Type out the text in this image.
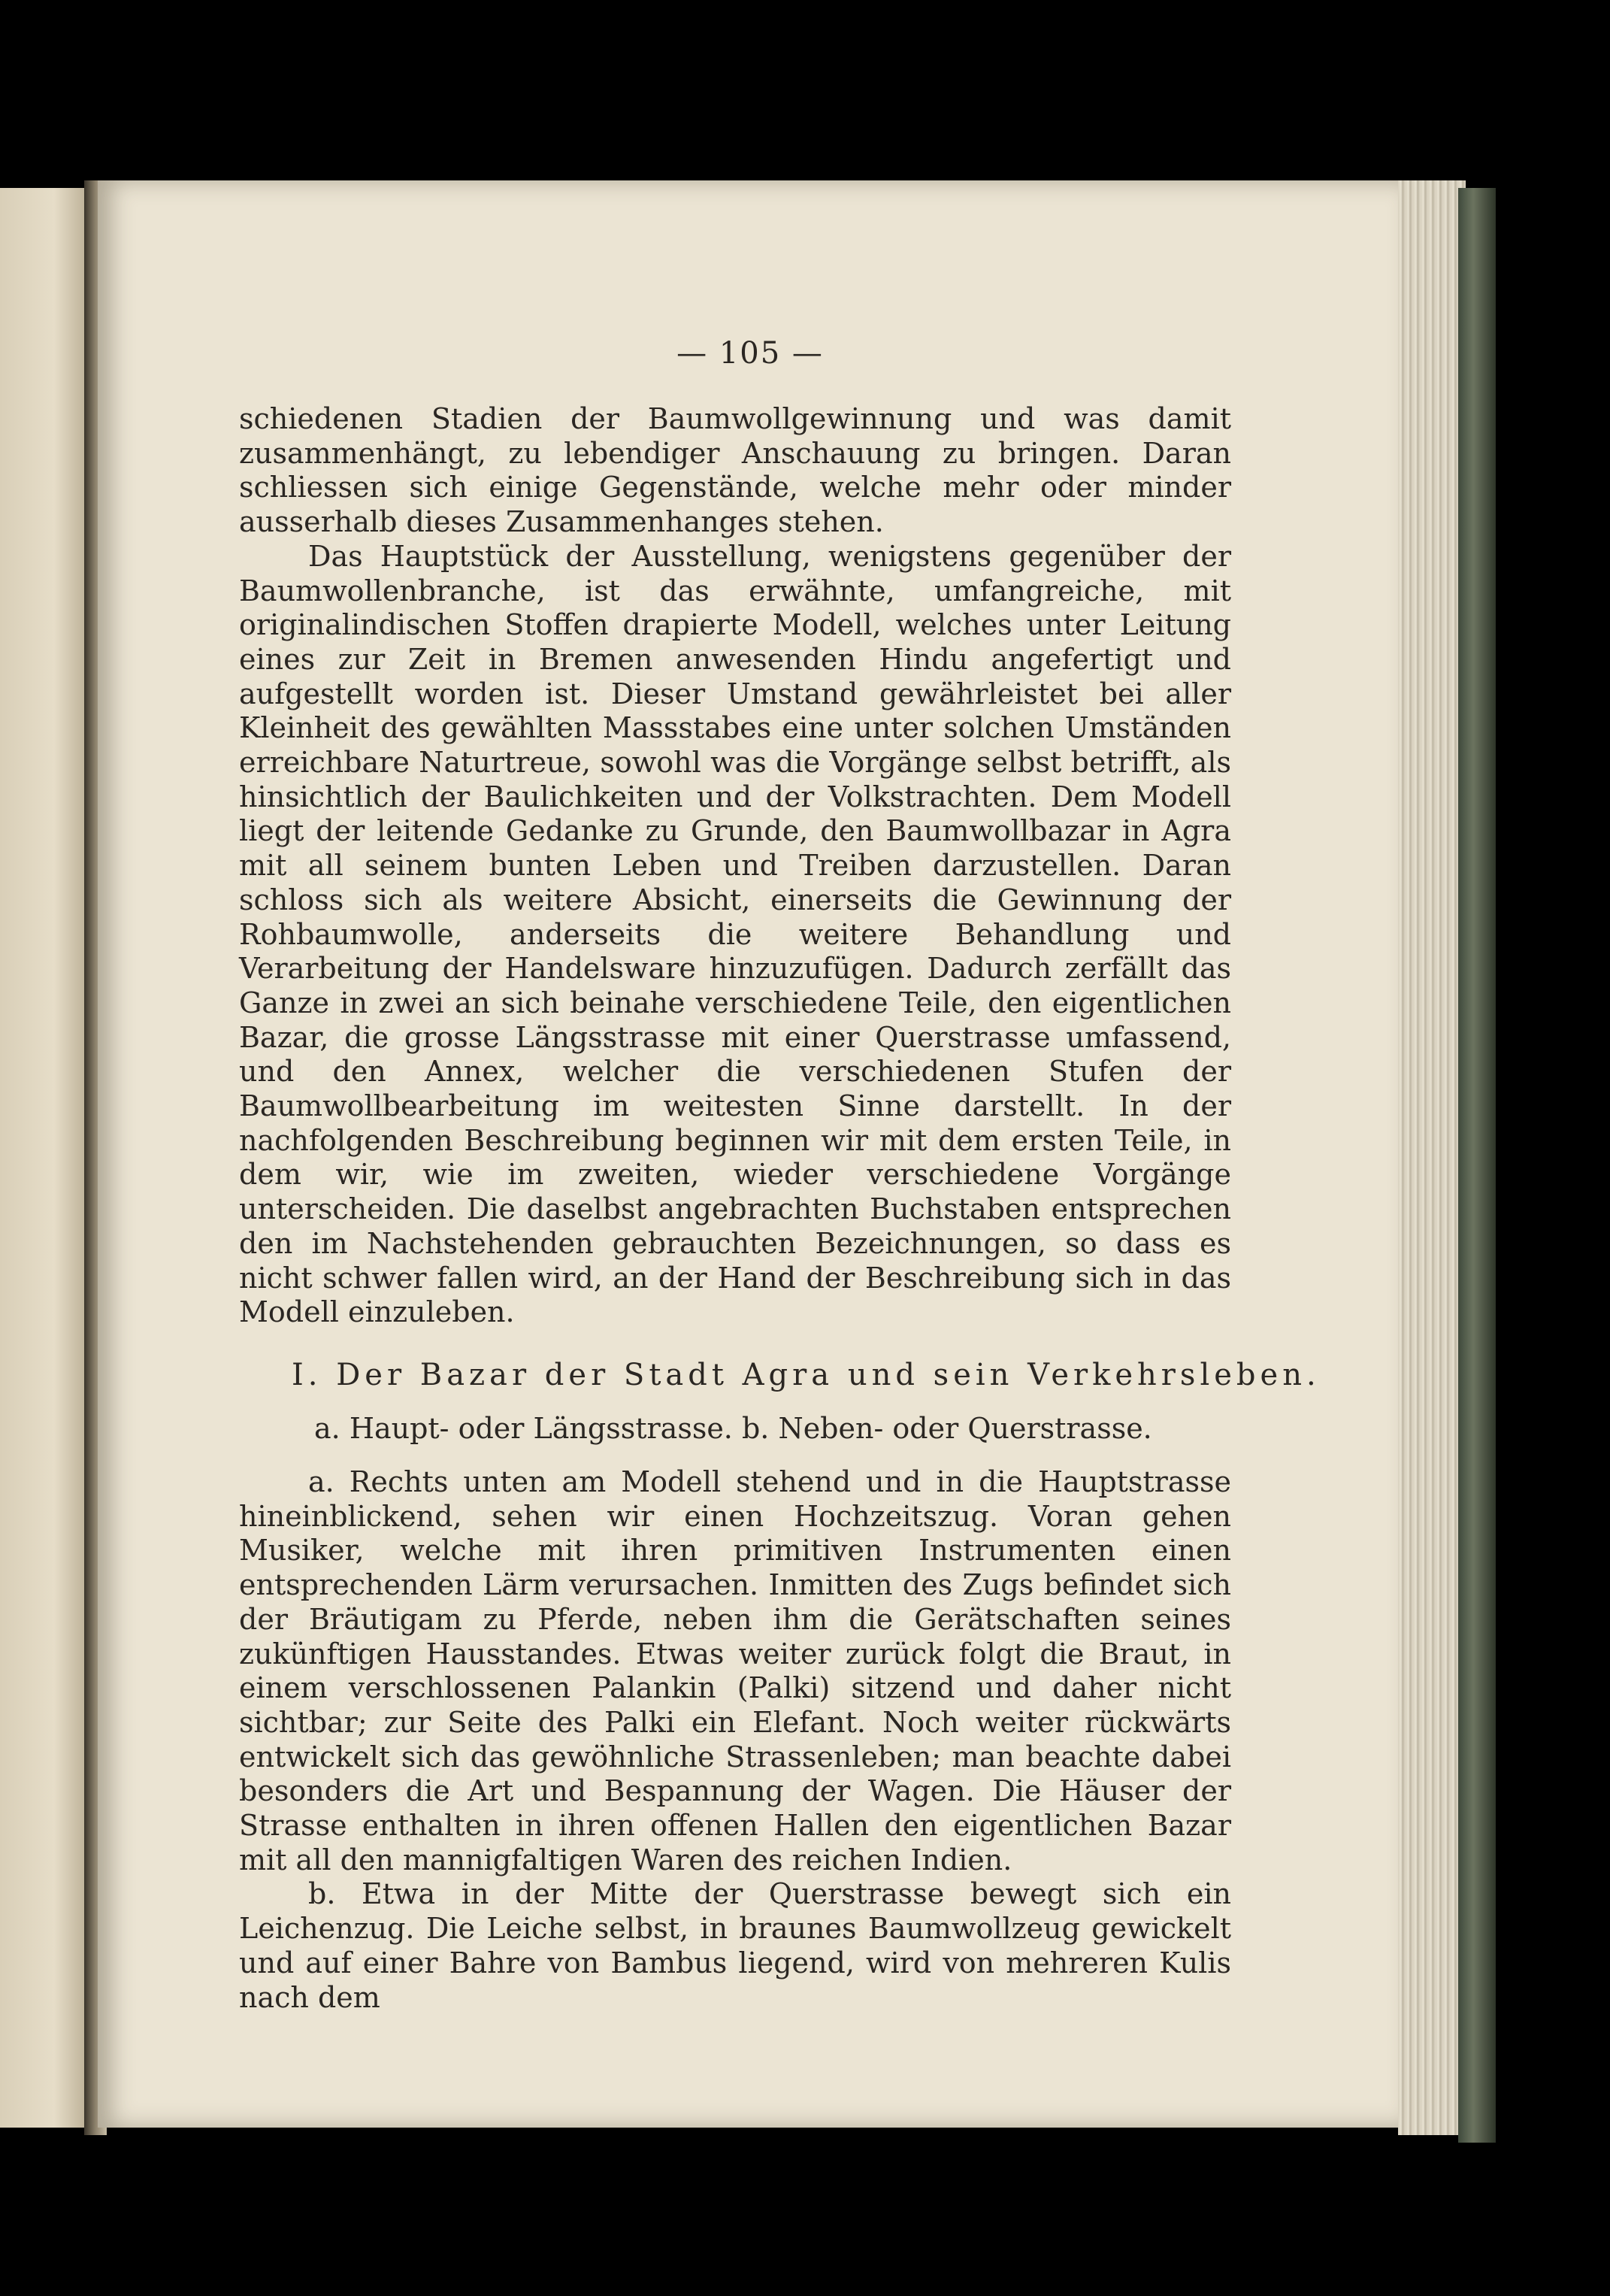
— 105 —

schiedenen Stadien der Baumwollgewinnung und was damit zusammenhängt, zu lebendiger Anschauung zu bringen. Daran schliessen sich einige Gegenstände, welche mehr oder minder ausserhalb dieses Zusammenhanges stehen.

Das Hauptstück der Ausstellung, wenigstens gegenüber der Baumwollenbranche, ist das erwähnte, umfangreiche, mit originalindischen Stoffen drapierte Modell, welches unter Leitung eines zur Zeit in Bremen anwesenden Hindu angefertigt und aufgestellt worden ist. Dieser Umstand gewährleistet bei aller Kleinheit des gewählten Massstabes eine unter solchen Umständen erreichbare Naturtreue, sowohl was die Vorgänge selbst betrifft, als hinsichtlich der Baulichkeiten und der Volkstrachten. Dem Modell liegt der leitende Gedanke zu Grunde, den Baumwollbazar in Agra mit all seinem bunten Leben und Treiben darzustellen. Daran schloss sich als weitere Absicht, einerseits die Gewinnung der Rohbaumwolle, anderseits die weitere Behandlung und Verarbeitung der Handelsware hinzuzufügen. Dadurch zerfällt das Ganze in zwei an sich beinahe verschiedene Teile, den eigentlichen Bazar, die grosse Längsstrasse mit einer Querstrasse umfassend, und den Annex, welcher die verschiedenen Stufen der Baumwollbearbeitung im weitesten Sinne darstellt. In der nachfolgenden Beschreibung beginnen wir mit dem ersten Teile, in dem wir, wie im zweiten, wieder verschiedene Vorgänge unterscheiden. Die daselbst angebrachten Buchstaben entsprechen den im Nachstehenden gebrauchten Bezeichnungen, so dass es nicht schwer fallen wird, an der Hand der Beschreibung sich in das Modell einzuleben.

I. Der Bazar der Stadt Agra und sein Verkehrsleben.
a. Haupt- oder Längsstrasse. b. Neben- oder Querstrasse.

a. Rechts unten am Modell stehend und in die Hauptstrasse hineinblickend, sehen wir einen Hochzeitszug. Voran gehen Musiker, welche mit ihren primitiven Instrumenten einen entsprechenden Lärm verursachen. Inmitten des Zugs befindet sich der Bräutigam zu Pferde, neben ihm die Gerätschaften seines zukünftigen Hausstandes. Etwas weiter zurück folgt die Braut, in einem verschlossenen Palankin (Palki) sitzend und daher nicht sichtbar; zur Seite des Palki ein Elefant. Noch weiter rückwärts entwickelt sich das gewöhnliche Strassenleben; man beachte dabei besonders die Art und Bespannung der Wagen. Die Häuser der Strasse enthalten in ihren offenen Hallen den eigentlichen Bazar mit all den mannigfaltigen Waren des reichen Indien.

b. Etwa in der Mitte der Querstrasse bewegt sich ein Leichenzug. Die Leiche selbst, in braunes Baumwollzeug gewickelt und auf einer Bahre von Bambus liegend, wird von mehreren Kulis nach dem
